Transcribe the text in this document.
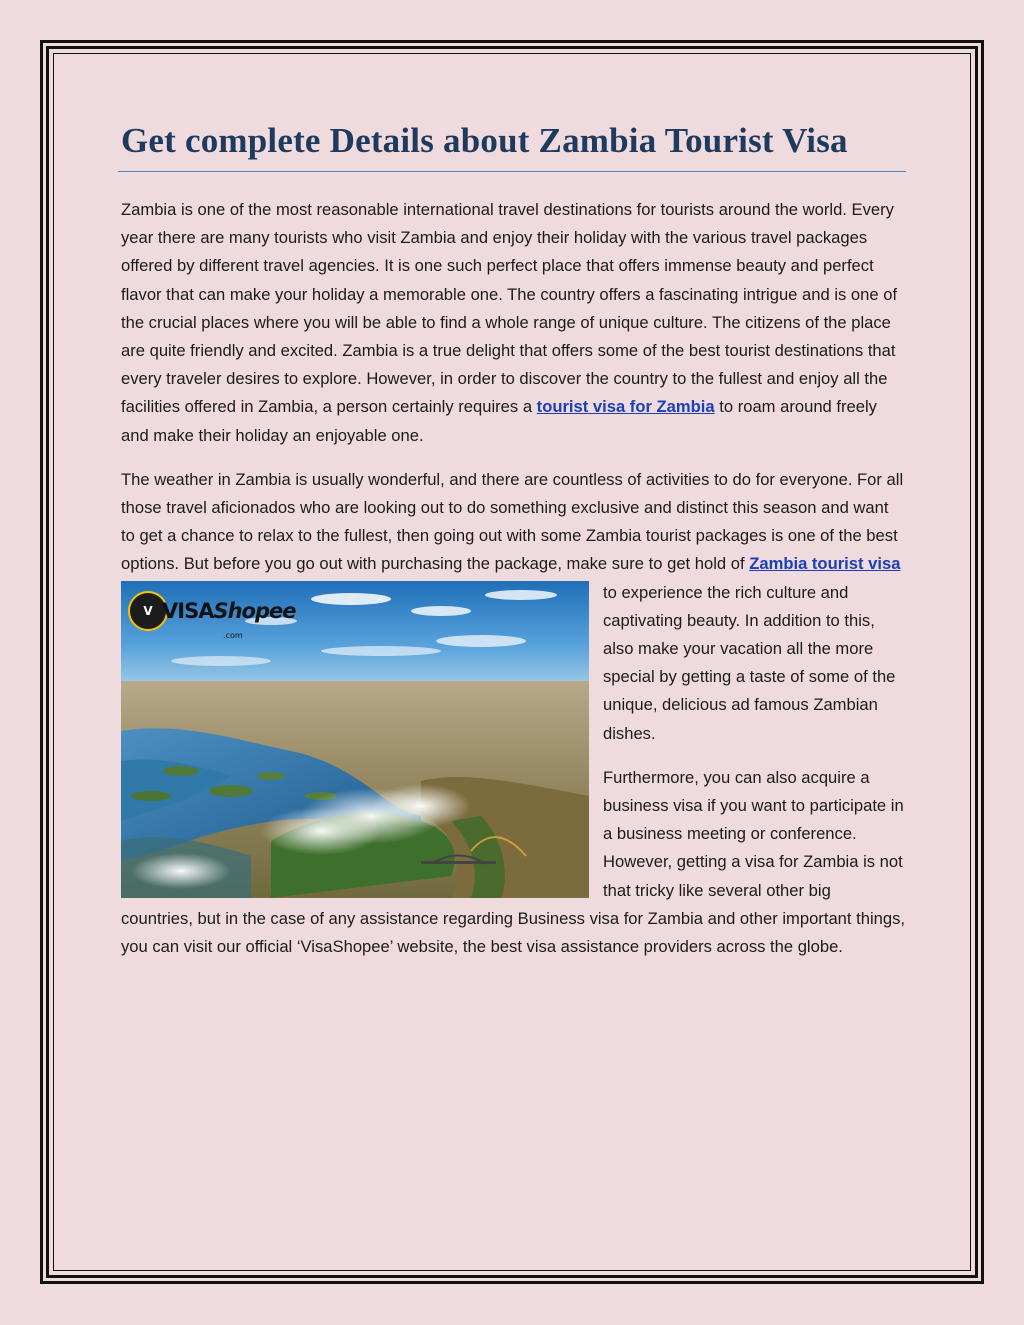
Get complete Details about Zambia Tourist Visa

Zambia is one of the most reasonable international travel destinations for tourists around the world. Every year there are many tourists who visit Zambia and enjoy their holiday with the various travel packages offered by different travel agencies. It is one such perfect place that offers immense beauty and perfect flavor that can make your holiday a memorable one. The country offers a fascinating intrigue and is one of the crucial places where you will be able to find a whole range of unique culture. The citizens of the place are quite friendly and excited. Zambia is a true delight that offers some of the best tourist destinations that every traveler desires to explore. However, in order to discover the country to the fullest and enjoy all the facilities offered in Zambia, a person certainly requires a tourist visa for Zambia to roam around freely and make their holiday an enjoyable one.

The weather in Zambia is usually wonderful, and there are countless of activities to do for everyone. For all those travel aficionados who are looking out to do something exclusive and distinct this season and want to get a chance to relax to the fullest, then going out with some Zambia tourist packages is one of the best options. But before you go out with purchasing the package, make sure to get hold of
V VISAShopee
.com
Zambia tourist visa to experience the rich culture and captivating beauty. In addition to this, also make your vacation all the more special by getting a taste of some of the unique, delicious ad famous Zambian dishes.

Furthermore, you can also acquire a business visa if you want to participate in a business meeting or conference. However, getting a visa for Zambia is not that tricky like several other big countries, but in the case of any assistance regarding Business visa for Zambia and other important things, you can visit our official ‘VisaShopee’ website, the best visa assistance providers across the globe.
